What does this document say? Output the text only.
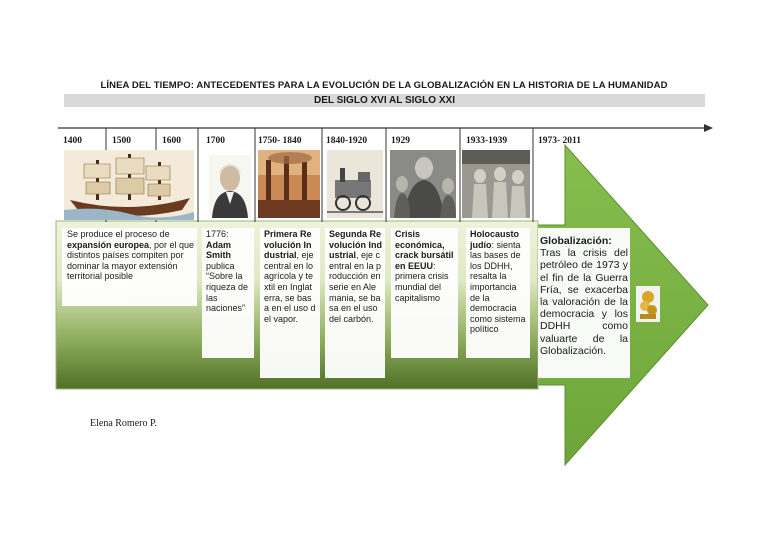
LÍNEA DEL TIEMPO: ANTECEDENTES PARA LA EVOLUCIÓN DE LA GLOBALIZACIÓN EN LA HISTORIA DE LA HUMANIDAD
DEL SIGLO XVI AL SIGLO XXI
1400	1500	1600	1700	1750- 1840	1840-1920	1929	1933-1939	1973- 2011
Se produce el proceso de expansión europea, por el que distintos países compiten por dominar la mayor extensión territorial posible
1776: Adam Smith publica “Sobre la riqueza de las naciones”
Primera Revolución Industrial, eje central en lo agrícola y textil en Inglaterra, se basa en el uso del vapor.
Segunda Revolución Industrial, eje central en la producción en serie en Alemania, se basa en el uso del carbón.
Crisis económica, crack bursátil en EEUU: primera crisis mundial del capitalismo
Holocausto judío: sienta las bases de los DDHH, resalta la importancia de la democracia como sistema político
Globalización:
Tras la crisis del petróleo de 1973 y el fin de la Guerra Fría, se exacerba la valoración de la democracia y los DDHH como valuarte de la Globalización.
Elena Romero P.
